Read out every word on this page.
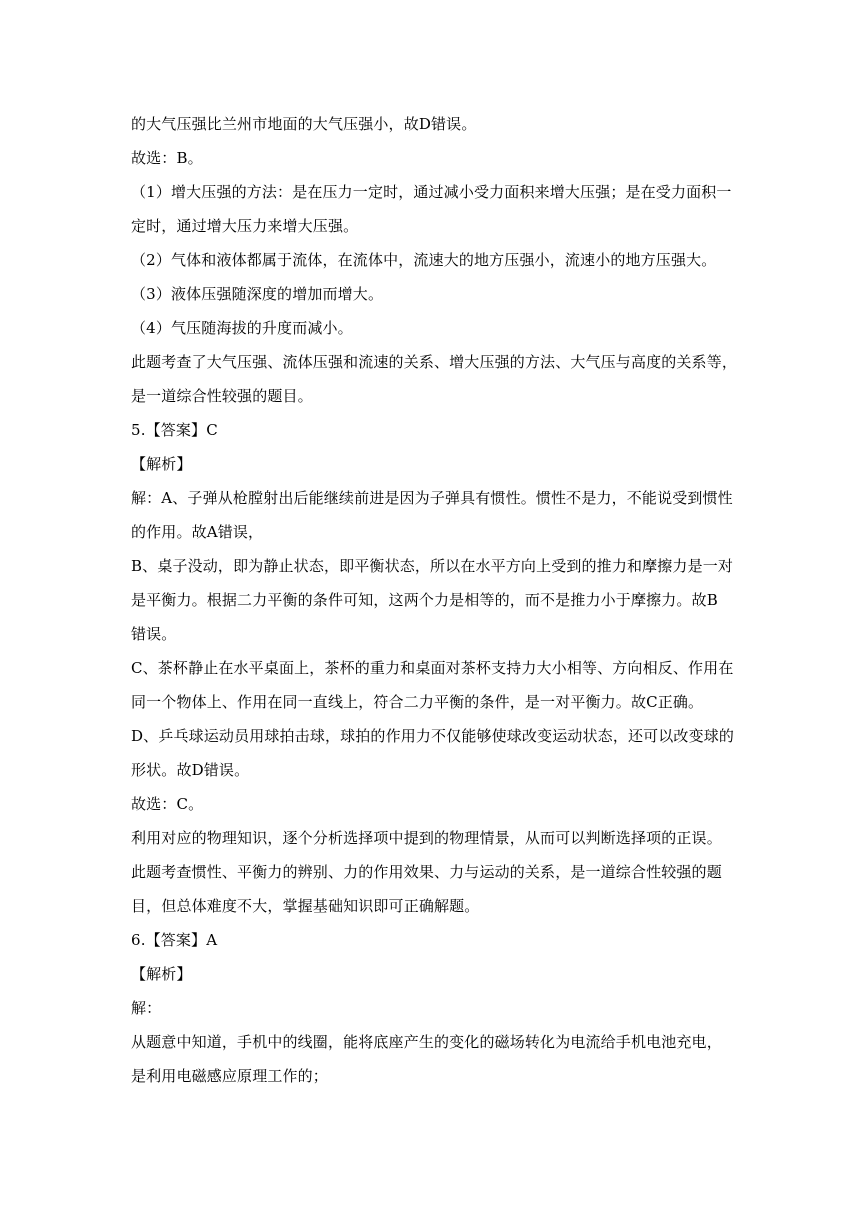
的大气压强比兰州市地面的大气压强小，故D错误。

故选：B。

（1）增大压强的方法：是在压力一定时，通过减小受力面积来增大压强；是在受力面积一

定时，通过增大压力来增大压强。

（2）气体和液体都属于流体，在流体中，流速大的地方压强小，流速小的地方压强大。

（3）液体压强随深度的增加而增大。

（4）气压随海拔的升度而减小。

此题考查了大气压强、流体压强和流速的关系、增大压强的方法、大气压与高度的关系等，

是一道综合性较强的题目。

5.【答案】C

【解析】

解：A、子弹从枪膛射出后能继续前进是因为子弹具有惯性。惯性不是力，不能说受到惯性

的作用。故A错误，

B、桌子没动，即为静止状态，即平衡状态，所以在水平方向上受到的推力和摩擦力是一对

是平衡力。根据二力平衡的条件可知，这两个力是相等的，而不是推力小于摩擦力。故B

错误。

C、茶杯静止在水平桌面上，茶杯的重力和桌面对茶杯支持力大小相等、方向相反、作用在

同一个物体上、作用在同一直线上，符合二力平衡的条件，是一对平衡力。故C正确。

D、乒乓球运动员用球拍击球，球拍的作用力不仅能够使球改变运动状态，还可以改变球的

形状。故D错误。

故选：C。

利用对应的物理知识，逐个分析选择项中提到的物理情景，从而可以判断选择项的正误。

此题考查惯性、平衡力的辨别、力的作用效果、力与运动的关系，是一道综合性较强的题

目，但总体难度不大，掌握基础知识即可正确解题。

6.【答案】A

【解析】

解：

从题意中知道，手机中的线圈，能将底座产生的变化的磁场转化为电流给手机电池充电，

是利用电磁感应原理工作的；
